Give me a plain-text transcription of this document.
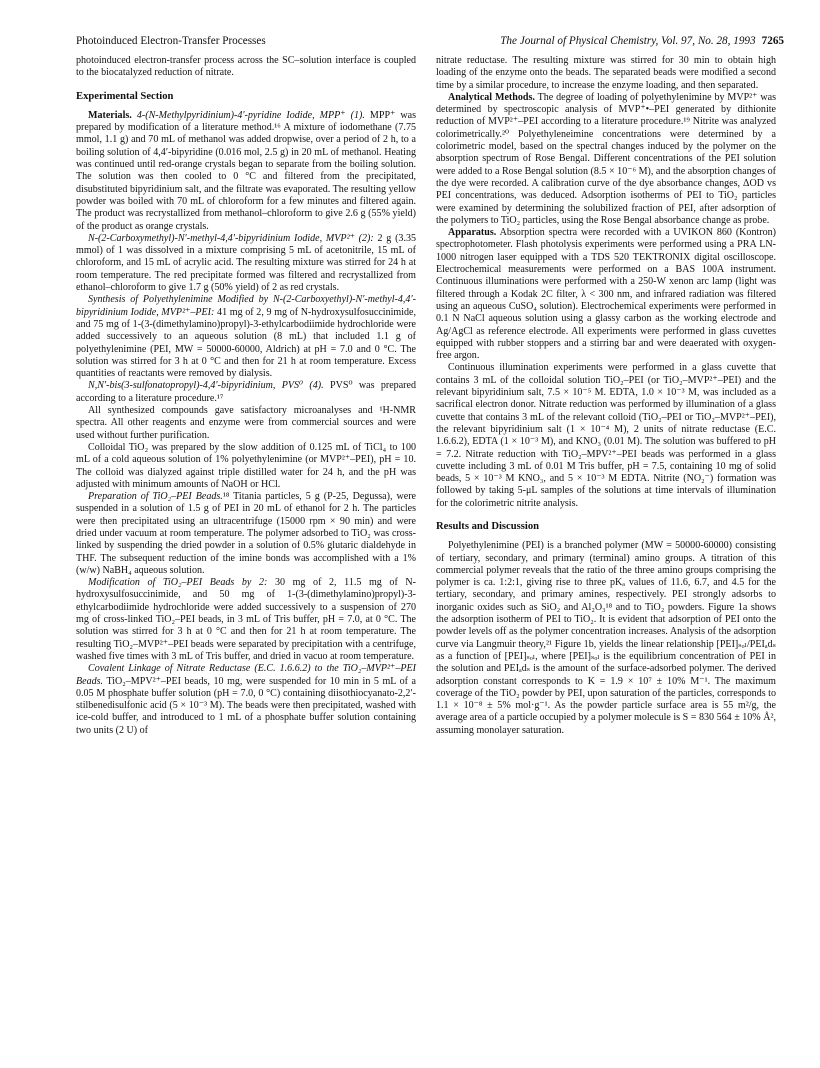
Photoinduced Electron-Transfer Processes	The Journal of Physical Chemistry, Vol. 97, No. 28, 1993 7265

photoinduced electron-transfer process across the SC–solution interface is coupled to the biocatalyzed reduction of nitrate.

Experimental Section

Materials. 4-(N-Methylpyridinium)-4′-pyridine Iodide, MPP⁺ (1). MPP⁺ was prepared by modification of a literature method.¹⁶ A mixture of iodomethane (7.75 mmol, 1.1 g) and 70 mL of methanol was added dropwise, over a period of 2 h, to a boiling solution of 4,4′-bipyridine (0.016 mol, 2.5 g) in 20 mL of methanol. Heating was continued until red-orange crystals began to separate from the boiling solution. The solution was then cooled to 0 °C and filtered from the precipitated, disubstituted bipyridinium salt, and the filtrate was evaporated. The resulting yellow powder was boiled with 70 mL of chloroform for a few minutes and filtered again. The product was recrystallized from methanol–chloroform to give 2.6 g (55% yield) of the product as orange crystals.

N-(2-Carboxymethyl)-N′-methyl-4,4′-bipyridinium Iodide, MVP²⁺ (2): 2 g (3.35 mmol) of 1 was dissolved in a mixture comprising 5 mL of acetonitrile, 15 mL of chloroform, and 15 mL of acrylic acid. The resulting mixture was stirred for 24 h at room temperature. The red precipitate formed was filtered and recrystallized from ethanol–chloroform to give 1.7 g (50% yield) of 2 as red crystals.

Synthesis of Polyethylenimine Modified by N-(2-Carboxyethyl)-N′-methyl-4,4′-bipyridinium Iodide, MVP²⁺–PEI: 41 mg of 2, 9 mg of N-hydroxysulfosuccinimide, and 75 mg of 1-(3-(dimethylamino)propyl)-3-ethylcarbodiimide hydrochloride were added successively to an aqueous solution (8 mL) that included 1.1 g of polyethylenimine (PEI, MW = 50000-60000, Aldrich) at pH = 7.0 and 0 °C. The solution was stirred for 3 h at 0 °C and then for 21 h at room temperature. Excess quantities of reactants were removed by dialysis.

N,N′-bis(3-sulfonatopropyl)-4,4′-bipyridinium, PVS⁰ (4). PVS⁰ was prepared according to a literature procedure.¹⁷

All synthesized compounds gave satisfactory microanalyses and ¹H-NMR spectra. All other reagents and enzyme were from commercial sources and were used without further purification.

Colloidal TiO₂ was prepared by the slow addition of 0.125 mL of TiCl₄ to 100 mL of a cold aqueous solution of 1% polyethylenimine (or MVP²⁺–PEI), pH = 10. The colloid was dialyzed against triple distilled water for 24 h, and the pH was adjusted with minimum amounts of NaOH or HCl.

Preparation of TiO₂–PEI Beads.¹⁸ Titania particles, 5 g (P-25, Degussa), were suspended in a solution of 1.5 g of PEI in 20 mL of ethanol for 2 h. The particles were then precipitated using an ultracentrifuge (15000 rpm × 90 min) and were dried under vacuum at room temperature. The polymer adsorbed to TiO₂ was cross-linked by suspending the dried powder in a solution of 0.5% glutaric dialdehyde in THF. The subsequent reduction of the imine bonds was accomplished with a 1% (w/w) NaBH₄ aqueous solution.

Modification of TiO₂–PEI Beads by 2: 30 mg of 2, 11.5 mg of N-hydroxysulfosuccinimide, and 50 mg of 1-(3-(dimethylamino)propyl)-3-ethylcarbodiimide hydrochloride were added successively to a suspension of 270 mg of cross-linked TiO₂–PEI beads, in 3 mL of Tris buffer, pH = 7.0, at 0 °C. The solution was stirred for 3 h at 0 °C and then for 21 h at room temperature. The resulting TiO₂–MVP²⁺–PEI beads were separated by precipitation with a centrifuge, washed five times with 3 mL of Tris buffer, and dried in vacuo at room temperature.

Covalent Linkage of Nitrate Reductase (E.C. 1.6.6.2) to the TiO₂–MVP²⁺–PEI Beads. TiO₂–MPV²⁺–PEI beads, 10 mg, were suspended for 10 min in 5 mL of a 0.05 M phosphate buffer solution (pH = 7.0, 0 °C) containing diisothiocyanato-2,2′-stilbenedisulfonic acid (5 × 10⁻³ M). The beads were then precipitated, washed with ice-cold buffer, and introduced to 1 mL of a phosphate buffer solution containing two units (2 U) of

nitrate reductase. The resulting mixture was stirred for 30 min to obtain high loading of the enzyme onto the beads. The separated beads were modified a second time by a similar procedure, to increase the enzyme loading, and then separated.

Analytical Methods. The degree of loading of polyethylenimine by MVP²⁺ was determined by spectroscopic analysis of MVP⁺•–PEI generated by dithionite reduction of MVP²⁺–PEI according to a literature procedure.¹⁹ Nitrite was analyzed colorimetrically.²⁰ Polyethyleneimine concentrations were determined by a colorimetric model, based on the spectral changes induced by the polymer on the absorption spectrum of Rose Bengal. Different concentrations of the PEI solution were added to a Rose Bengal solution (8.5 × 10⁻⁶ M), and the absorption changes of the dye were recorded. A calibration curve of the dye absorbance changes, ΔOD vs PEI concentrations, was deduced. Adsorption isotherms of PEI to TiO₂ particles were examined by determining the solubilized fraction of PEI, after adsorption of the polymers to TiO₂ particles, using the Rose Bengal absorbance change as probe.

Apparatus. Absorption spectra were recorded with a UVIKON 860 (Kontron) spectrophotometer. Flash photolysis experiments were performed using a PRA LN-1000 nitrogen laser equipped with a TDS 520 TEKTRONIX digital oscilloscope. Electrochemical measurements were performed on a BAS 100A instrument. Continuous illuminations were performed with a 250-W xenon arc lamp (light was filtered through a Kodak 2C filter, λ < 300 nm, and infrared radiation was filtered using an aqueous CuSO₄ solution). Electrochemical experiments were performed in 0.1 N NaCl aqueous solution using a glassy carbon as the working electrode and Ag/AgCl as reference electrode. All experiments were performed in glass cuvettes equipped with rubber stoppers and a stirring bar and were deaerated with oxygen-free argon.

Continuous illumination experiments were performed in a glass cuvette that contains 3 mL of the colloidal solution TiO₂–PEI (or TiO₂–MVP²⁺–PEI) and the relevant bipyridinium salt, 7.5 × 10⁻⁵ M. EDTA, 1.0 × 10⁻³ M, was included as a sacrifical electron donor. Nitrate reduction was performed by illumination of a glass cuvette that contains 3 mL of the relevant colloid (TiO₂–PEI or TiO₂–MVP²⁺–PEI), the relevant bipyridinium salt (1 × 10⁻⁴ M), 2 units of nitrate reductase (E.C. 1.6.6.2), EDTA (1 × 10⁻³ M), and KNO₃ (0.01 M). The solution was buffered to pH = 7.2. Nitrate reduction with TiO₂–MPV²⁺–PEI beads was performed in a glass cuvette including 3 mL of 0.01 M Tris buffer, pH = 7.5, containing 10 mg of solid beads, 5 × 10⁻³ M KNO₃, and 5 × 10⁻³ M EDTA. Nitrite (NO₂⁻) formation was followed by taking 5-μL samples of the solutions at time intervals of illumination for the colorimetric nitrite analysis.

Results and Discussion

Polyethylenimine (PEI) is a branched polymer (MW = 50000-60000) consisting of tertiary, secondary, and primary (terminal) amino groups. A titration of this commercial polymer reveals that the ratio of the three amino groups comprising the polymer is ca. 1:2:1, giving rise to three pKₐ values of 11.6, 6.7, and 4.5 for the tertiary, secondary, and primary amines, respectively. PEI strongly adsorbs to inorganic oxides such as SiO₂ and Al₂O₃¹⁸ and to TiO₂ powders. Figure 1a shows the adsorption isotherm of PEI to TiO₂. It is evident that adsorption of PEI onto the powder levels off as the polymer concentration increases. Analysis of the adsorption curve via Langmuir theory,²¹ Figure 1b, yields the linear relationship [PEI]ₛₒₗ/PEIₐdₛ as a function of [PEI]ₛₒₗ, where [PEI]ₛₒₗ is the equilibrium concentration of PEI in the solution and PEIₐdₛ is the amount of the surface-adsorbed polymer. The derived adsorption constant corresponds to K = 1.9 × 10⁷ ± 10% M⁻¹. The maximum coverage of the TiO₂ powder by PEI, upon saturation of the particles, corresponds to 1.1 × 10⁻⁸ ± 5% mol·g⁻¹. As the powder particle surface area is 55 m²/g, the average area of a particle occupied by a polymer molecule is S = 830 564 ± 10% Å², assuming monolayer saturation.
